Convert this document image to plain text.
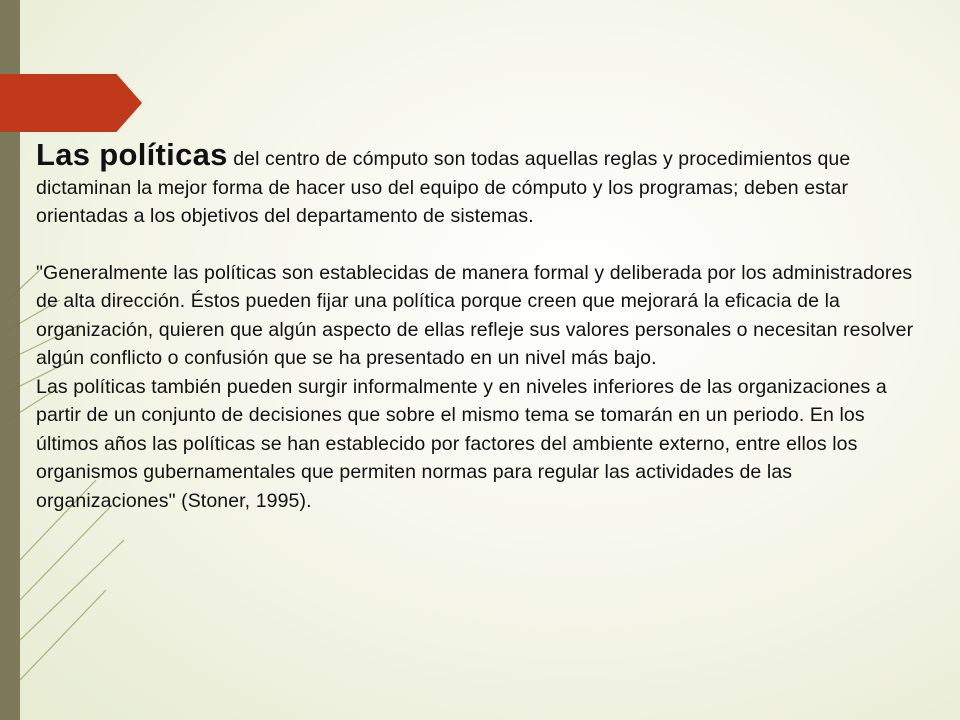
Las políticas del centro de cómputo son todas aquellas reglas y procedimientos que dictaminan la mejor forma de hacer uso del equipo de cómputo y los programas; deben estar orientadas a los objetivos del departamento de sistemas.

"Generalmente las políticas son establecidas de manera formal y deliberada por los administradores de alta dirección. Éstos pueden fijar una política porque creen que mejorará la eficacia de la organización, quieren que algún aspecto de ellas refleje sus valores personales o necesitan resolver algún conflicto o confusión que se ha presentado en un nivel más bajo.

Las políticas también pueden surgir informalmente y en niveles inferiores de las organizaciones a partir de un conjunto de decisiones que sobre el mismo tema se tomarán en un periodo. En los últimos años las políticas se han establecido por factores del ambiente externo, entre ellos los organismos gubernamentales que permiten normas para regular las actividades de las organizaciones" (Stoner, 1995).
